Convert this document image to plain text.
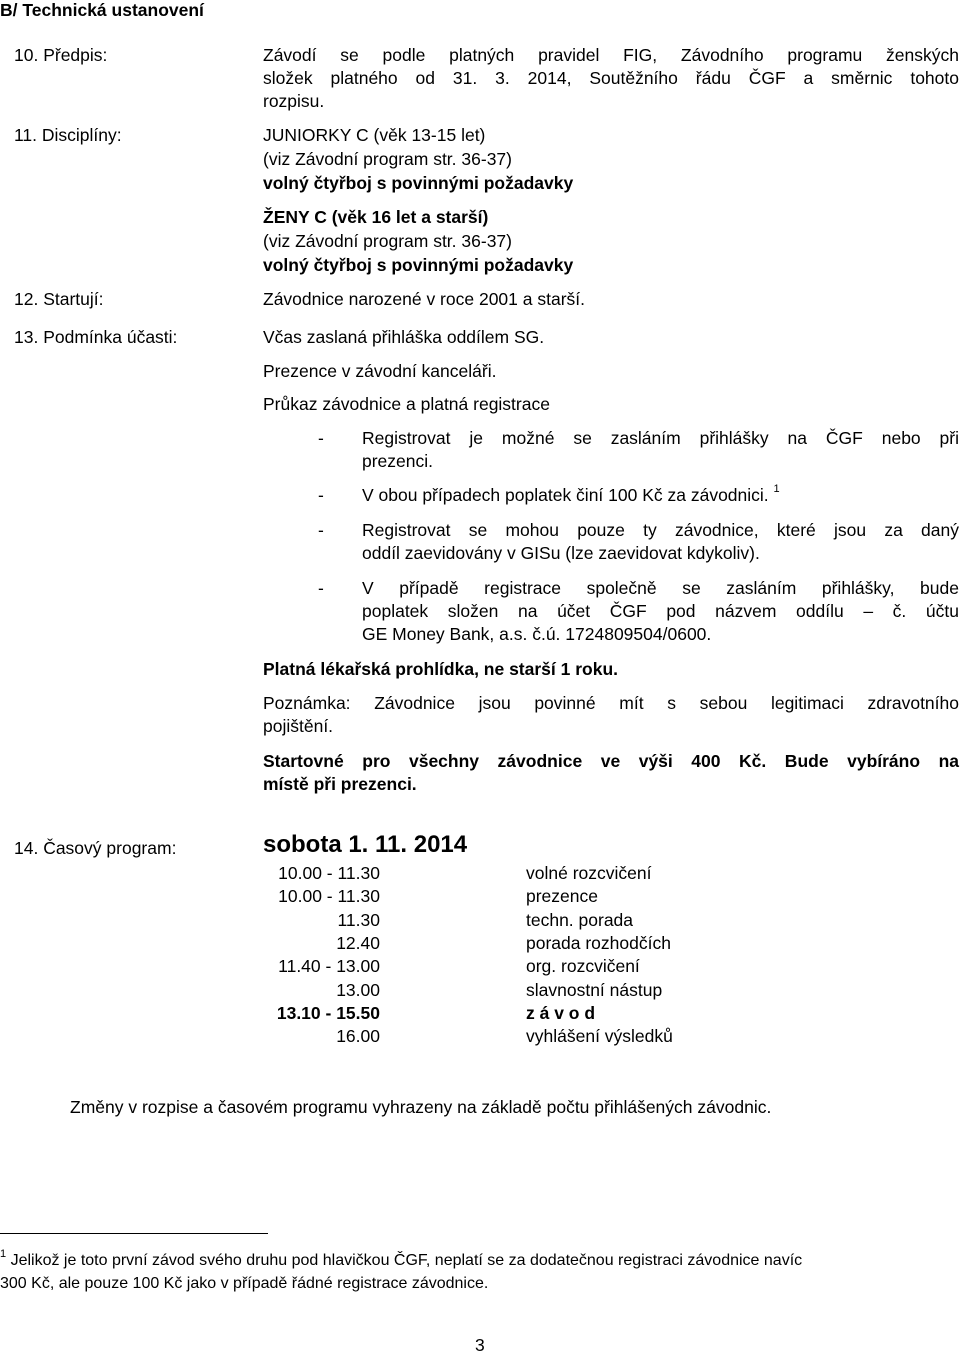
B/ Technická ustanovení
10. Předpis:	Závodí se podle platných pravidel FIG, Závodního programu ženských
složek platného od 31. 3. 2014, Soutěžního řádu ČGF a směrnic tohoto
rozpisu.
11. Disciplíny:	JUNIORKY C (věk 13-15 let)
(viz Závodní program str. 36-37)
volný čtyřboj s povinnými požadavky
ŽENY C (věk 16 let a starší)
(viz Závodní program str. 36-37)
volný čtyřboj s povinnými požadavky
12. Startují:	Závodnice narozené v roce 2001 a starší.
13. Podmínka účasti:	Včas zaslaná přihláška oddílem SG.
Prezence v závodní kanceláři.
Průkaz závodnice a platná registrace
- Registrovat je možné se zasláním přihlášky na ČGF nebo při
prezenci.
- V obou případech poplatek činí 100 Kč za závodnici. $^1$
- Registrovat se mohou pouze ty závodnice, které jsou za daný
oddíl zaevidovány v GISu (lze zaevidovat kdykoliv).
- V případě registrace společně se zasláním přihlášky, bude
poplatek složen na účet ČGF pod názvem oddílu – č. účtu
GE Money Bank, a.s. č.ú. 1724809504/0600.
Platná lékařská prohlídka, ne starší 1 roku.
Poznámka: Závodnice jsou povinné mít s sebou legitimaci zdravotního
pojištění.
Startovné pro všechny závodnice ve výši 400 Kč. Bude vybíráno na
místě při prezenci.
14. Časový program:	sobota 1. 11. 2014
10.00 - 11.30	volné rozcvičení
10.00 - 11.30	prezence
11.30	techn. porada
12.40	porada rozhodčích
11.40 - 13.00	org. rozcvičení
13.00	slavnostní nástup
13.10 - 15.50	z á v o d
16.00	vyhlášení výsledků
Změny v rozpise a časovém programu vyhrazeny na základě počtu přihlášených závodnic.
$^1$ Jelikož je toto první závod svého druhu pod hlavičkou ČGF, neplatí se za dodatečnou registraci závodnice navíc
300 Kč, ale pouze 100 Kč jako v případě řádné registrace závodnice.
3
